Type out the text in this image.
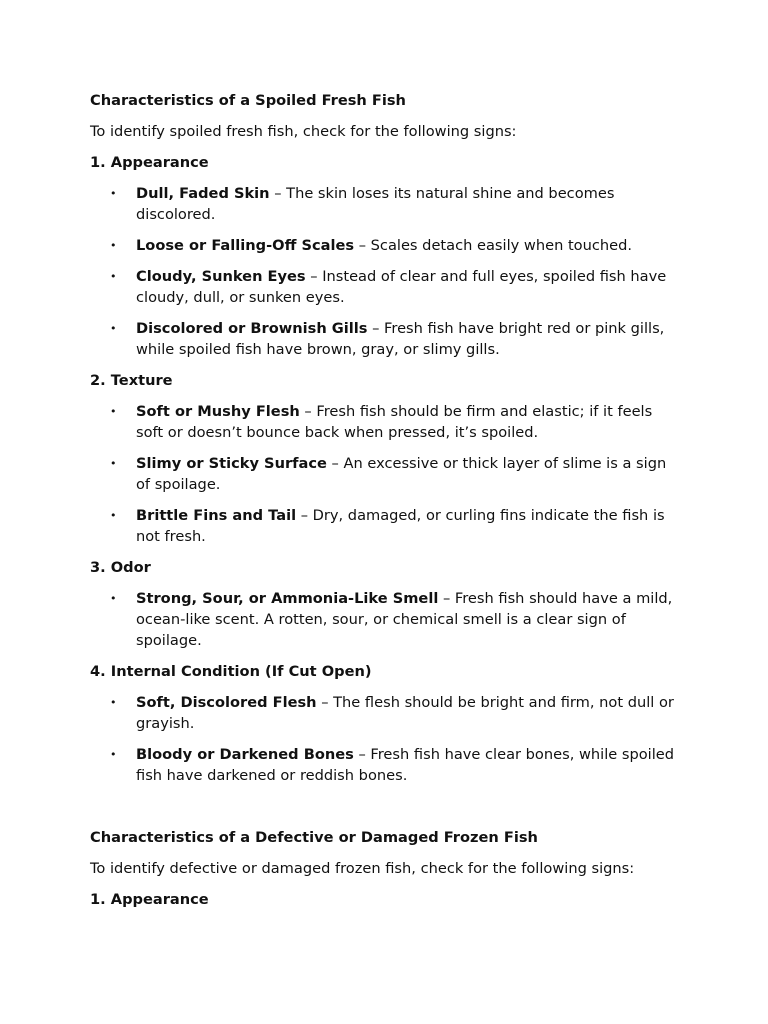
Characteristics of a Spoiled Fresh Fish
To identify spoiled fresh fish, check for the following signs:
1. Appearance
• Dull, Faded Skin – The skin loses its natural shine and becomes discolored.
• Loose or Falling-Off Scales – Scales detach easily when touched.
• Cloudy, Sunken Eyes – Instead of clear and full eyes, spoiled fish have cloudy, dull, or sunken eyes.
• Discolored or Brownish Gills – Fresh fish have bright red or pink gills, while spoiled fish have brown, gray, or slimy gills.
2. Texture
• Soft or Mushy Flesh – Fresh fish should be firm and elastic; if it feels soft or doesn’t bounce back when pressed, it’s spoiled.
• Slimy or Sticky Surface – An excessive or thick layer of slime is a sign of spoilage.
• Brittle Fins and Tail – Dry, damaged, or curling fins indicate the fish is not fresh.
3. Odor
• Strong, Sour, or Ammonia-Like Smell – Fresh fish should have a mild, ocean-like scent. A rotten, sour, or chemical smell is a clear sign of spoilage.
4. Internal Condition (If Cut Open)
• Soft, Discolored Flesh – The flesh should be bright and firm, not dull or grayish.
• Bloody or Darkened Bones – Fresh fish have clear bones, while spoiled fish have darkened or reddish bones.
Characteristics of a Defective or Damaged Frozen Fish
To identify defective or damaged frozen fish, check for the following signs:
1. Appearance
